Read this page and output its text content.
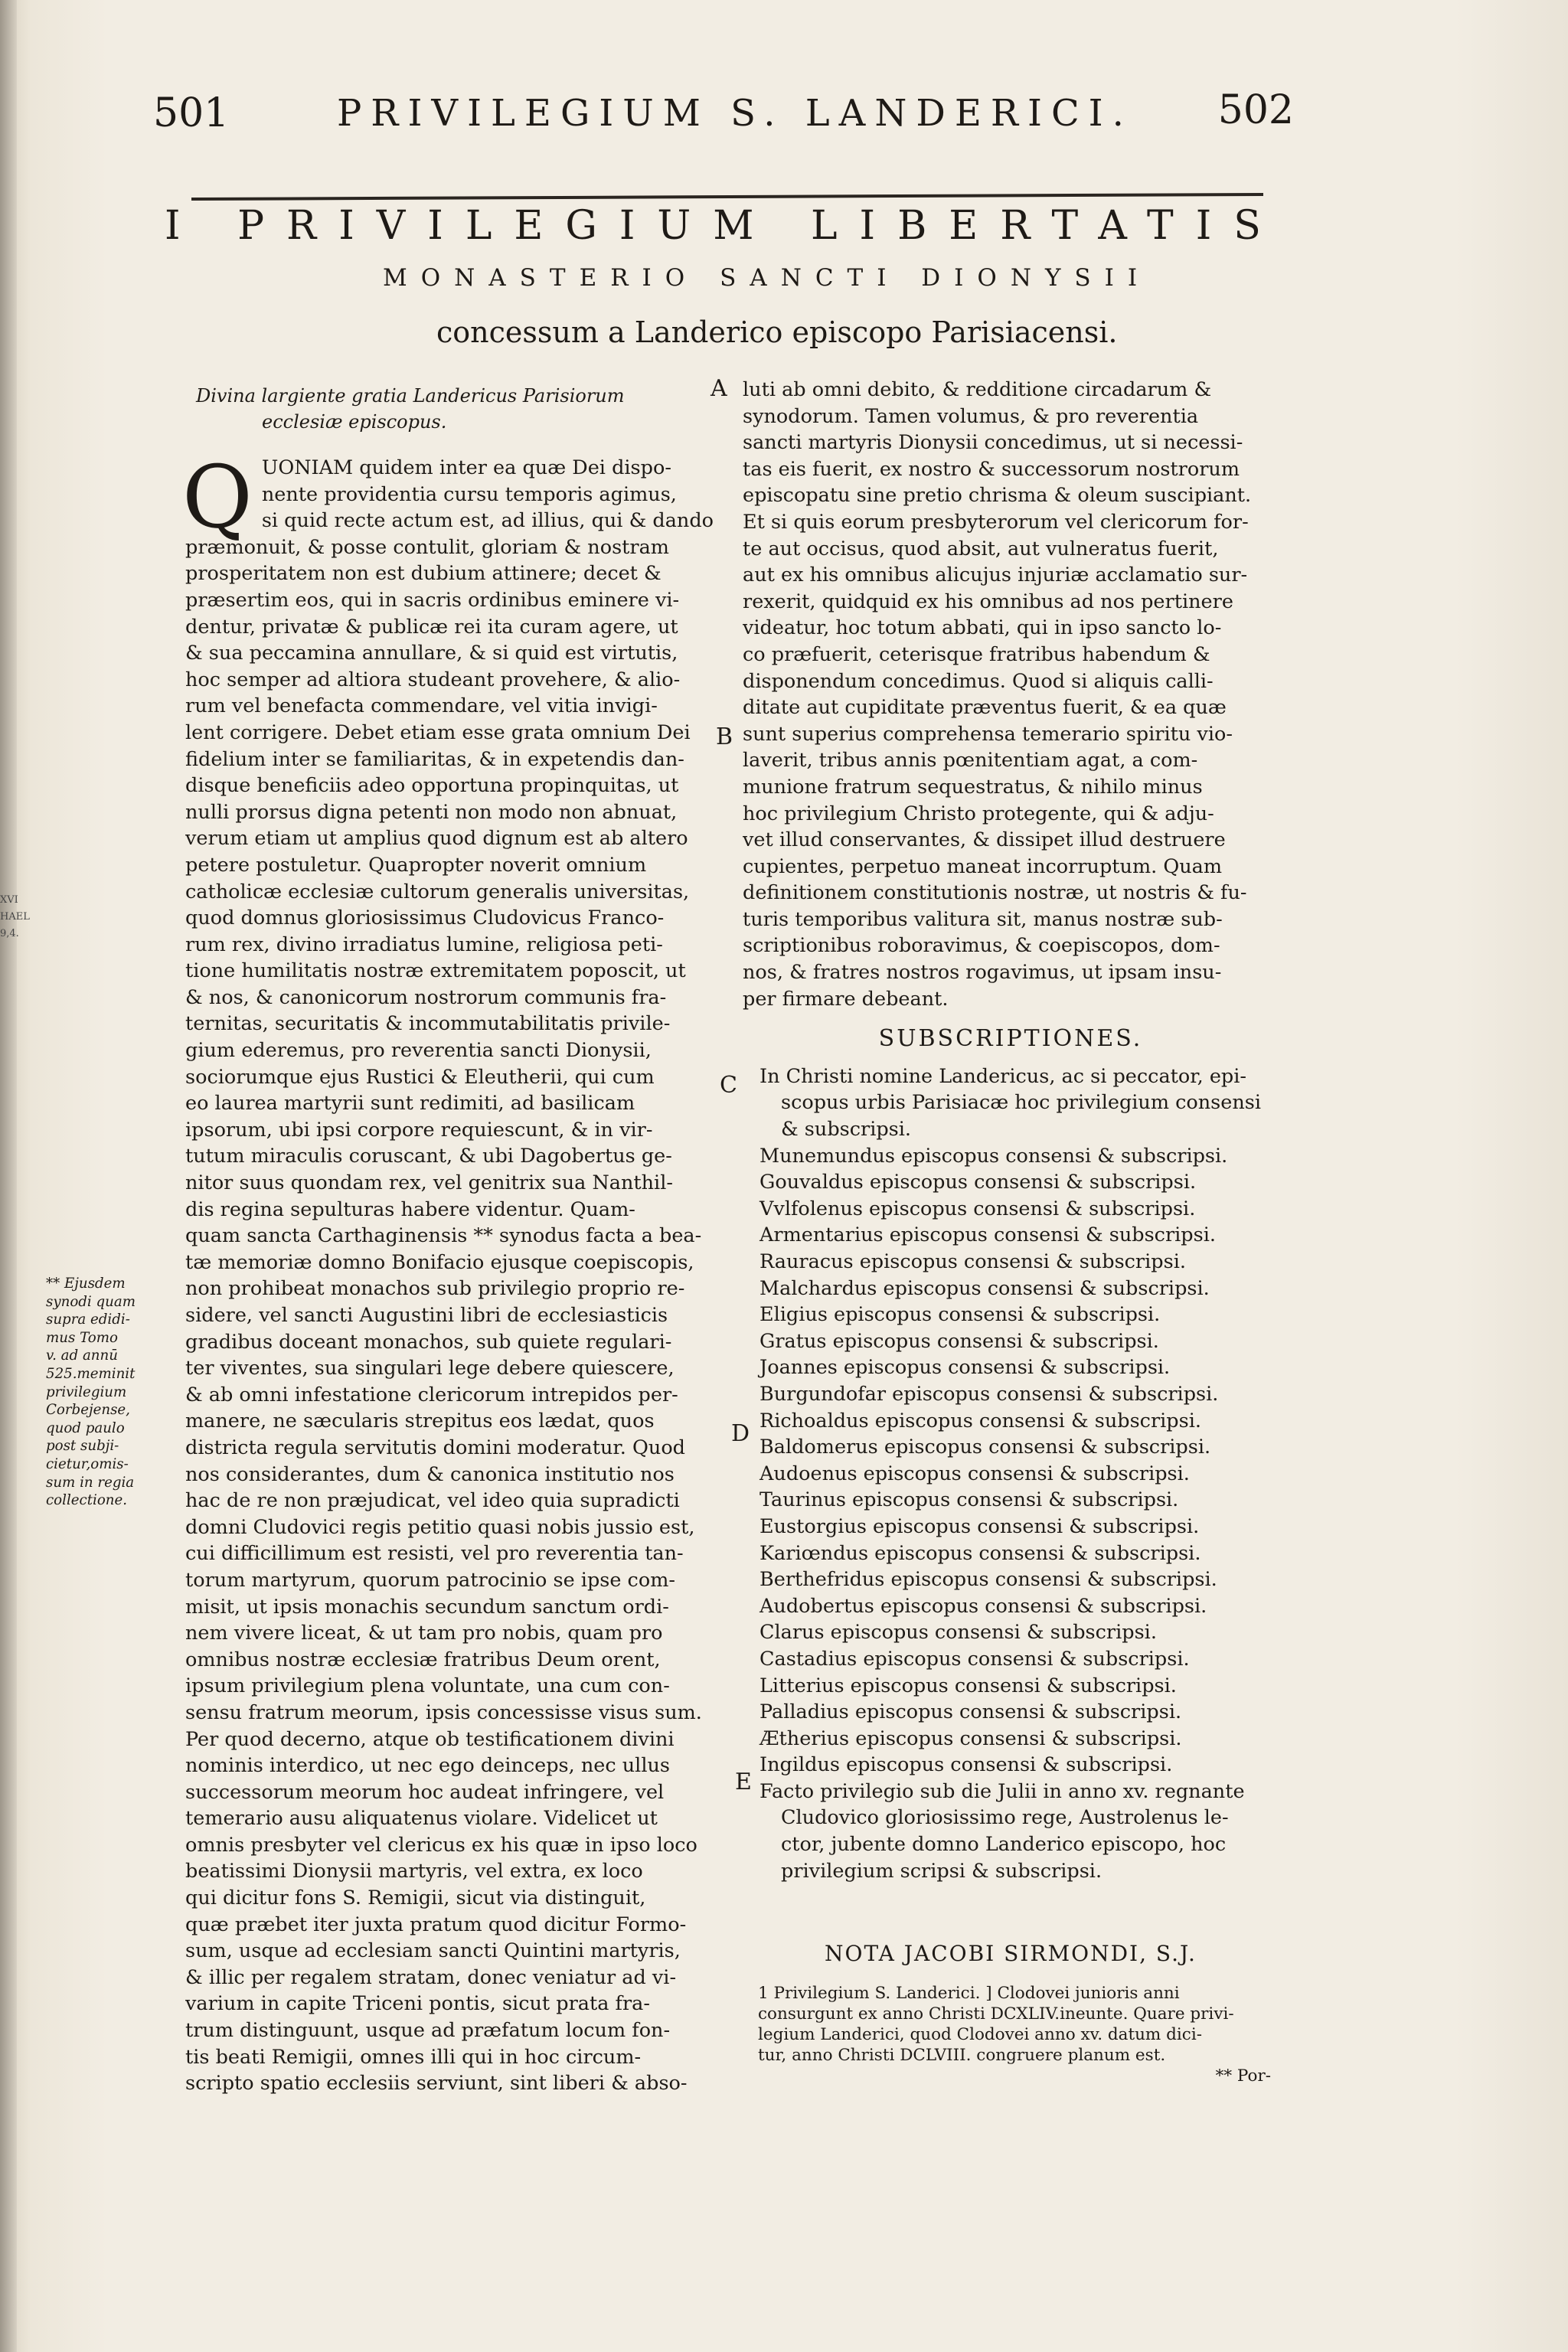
XVI
HAEL
9,4.
501	PRIVILEGIUM S. LANDERICI. 502
I PRIVILEGIUM LIBERTATIS
MONASTERIO SANCTI DIONYSII
concessum a Landerico episcopo Parisiacensi.
A
B
C
D
E
Divina largiente gratia Landericus Parisiorum
ecclesiæ episcopus.
Q UONIAM quidem inter ea quæ Dei dispo-
nente providentia cursu temporis agimus,
si quid recte actum est, ad illius, qui & dando
præmonuit, & posse contulit, gloriam & nostram
prosperitatem non est dubium attinere; decet &
præsertim eos, qui in sacris ordinibus eminere vi-
dentur, privatæ & publicæ rei ita curam agere, ut
& sua peccamina annullare, & si quid est virtutis,
hoc semper ad altiora studeant provehere, & alio-
rum vel benefacta commendare, vel vitia invigi-
lent corrigere. Debet etiam esse grata omnium Dei
fidelium inter se familiaritas, & in expetendis dan-
disque beneficiis adeo opportuna propinquitas, ut
nulli prorsus digna petenti non modo non abnuat,
verum etiam ut amplius quod dignum est ab altero
petere postuletur. Quapropter noverit omnium
catholicæ ecclesiæ cultorum generalis universitas,
quod domnus gloriosissimus Cludovicus Franco-
rum rex, divino irradiatus lumine, religiosa peti-
tione humilitatis nostræ extremitatem poposcit, ut
& nos, & canonicorum nostrorum communis fra-
ternitas, securitatis & incommutabilitatis privile-
gium ederemus, pro reverentia sancti Dionysii,
sociorumque ejus Rustici & Eleutherii, qui cum
eo laurea martyrii sunt redimiti, ad basilicam
ipsorum, ubi ipsi corpore requiescunt, & in vir-
tutum miraculis coruscant, & ubi Dagobertus ge-
nitor suus quondam rex, vel genitrix sua Nanthil-
dis regina sepulturas habere videntur. Quam-
quam sancta Carthaginensis ** synodus facta a bea-
tæ memoriæ domno Bonifacio ejusque coepiscopis,
non prohibeat monachos sub privilegio proprio re-
sidere, vel sancti Augustini libri de ecclesiasticis
gradibus doceant monachos, sub quiete regulari-
ter viventes, sua singulari lege debere quiescere,
& ab omni infestatione clericorum intrepidos per-
manere, ne sæcularis strepitus eos lædat, quos
districta regula servitutis domini moderatur. Quod
nos considerantes, dum & canonica institutio nos
hac de re non præjudicat, vel ideo quia supradicti
domni Cludovici regis petitio quasi nobis jussio est,
cui difficillimum est resisti, vel pro reverentia tan-
torum martyrum, quorum patrocinio se ipse com-
misit, ut ipsis monachis secundum sanctum ordi-
nem vivere liceat, & ut tam pro nobis, quam pro
omnibus nostræ ecclesiæ fratribus Deum orent,
ipsum privilegium plena voluntate, una cum con-
sensu fratrum meorum, ipsis concessisse visus sum.
Per quod decerno, atque ob testificationem divini
nominis interdico, ut nec ego deinceps, nec ullus
successorum meorum hoc audeat infringere, vel
temerario ausu aliquatenus violare. Videlicet ut
omnis presbyter vel clericus ex his quæ in ipso loco
beatissimi Dionysii martyris, vel extra, ex loco
qui dicitur fons S. Remigii, sicut via distinguit,
quæ præbet iter juxta pratum quod dicitur Formo-
sum, usque ad ecclesiam sancti Quintini martyris,
& illic per regalem stratam, donec veniatur ad vi-
varium in capite Triceni pontis, sicut prata fra-
trum distinguunt, usque ad præfatum locum fon-
tis beati Remigii, omnes illi qui in hoc circum-
scripto spatio ecclesiis serviunt, sint liberi & abso-
luti ab omni debito, & redditione circadarum &
synodorum. Tamen volumus, & pro reverentia
sancti martyris Dionysii concedimus, ut si necessi-
tas eis fuerit, ex nostro & successorum nostrorum
episcopatu sine pretio chrisma & oleum suscipiant.
Et si quis eorum presbyterorum vel clericorum for-
te aut occisus, quod absit, aut vulneratus fuerit,
aut ex his omnibus alicujus injuriæ acclamatio sur-
rexerit, quidquid ex his omnibus ad nos pertinere
videatur, hoc totum abbati, qui in ipso sancto lo-
co præfuerit, ceterisque fratribus habendum &
disponendum concedimus. Quod si aliquis calli-
ditate aut cupiditate præventus fuerit, & ea quæ
sunt superius comprehensa temerario spiritu vio-
laverit, tribus annis pœnitentiam agat, a com-
munione fratrum sequestratus, & nihilo minus
hoc privilegium Christo protegente, qui & adju-
vet illud conservantes, & dissipet illud destruere
cupientes, perpetuo maneat incorruptum. Quam
definitionem constitutionis nostræ, ut nostris & fu-
turis temporibus valitura sit, manus nostræ sub-
scriptionibus roboravimus, & coepiscopos, dom-
nos, & fratres nostros rogavimus, ut ipsam insu-
per firmare debeant.
SUBSCRIPTIONES.
In Christi nomine Landericus, ac si peccator, epi-
scopus urbis Parisiacæ hoc privilegium consensi
& subscripsi.
Munemundus episcopus consensi & subscripsi.
Gouvaldus episcopus consensi & subscripsi.
Vvlfolenus episcopus consensi & subscripsi.
Armentarius episcopus consensi & subscripsi.
Rauracus episcopus consensi & subscripsi.
Malchardus episcopus consensi & subscripsi.
Eligius episcopus consensi & subscripsi.
Gratus episcopus consensi & subscripsi.
Joannes episcopus consensi & subscripsi.
Burgundofar episcopus consensi & subscripsi.
Richoaldus episcopus consensi & subscripsi.
Baldomerus episcopus consensi & subscripsi.
Audoenus episcopus consensi & subscripsi.
Taurinus episcopus consensi & subscripsi.
Eustorgius episcopus consensi & subscripsi.
Kariœndus episcopus consensi & subscripsi.
Berthefridus episcopus consensi & subscripsi.
Audobertus episcopus consensi & subscripsi.
Clarus episcopus consensi & subscripsi.
Castadius episcopus consensi & subscripsi.
Litterius episcopus consensi & subscripsi.
Palladius episcopus consensi & subscripsi.
Ætherius episcopus consensi & subscripsi.
Ingildus episcopus consensi & subscripsi.
Facto privilegio sub die Julii in anno xv. regnante
Cludovico gloriosissimo rege, Austrolenus le-
ctor, jubente domno Landerico episcopo, hoc
privilegium scripsi & subscripsi.
NOTA JACOBI SIRMONDI, S.J.
1 Privilegium S. Landerici. ] Clodovei junioris anni
consurgunt ex anno Christi DCXLIV.ineunte. Quare privi-
legium Landerici, quod Clodovei anno xv. datum dici-
tur, anno Christi DCLVIII. congruere planum est.
** Por-
** Ejusdem
synodi quam
supra edidi-
mus Tomo
v. ad annū
525.meminit
privilegium
Corbejense,
quod paulo
post subji-
cietur,omis-
sum in regia
collectione.
